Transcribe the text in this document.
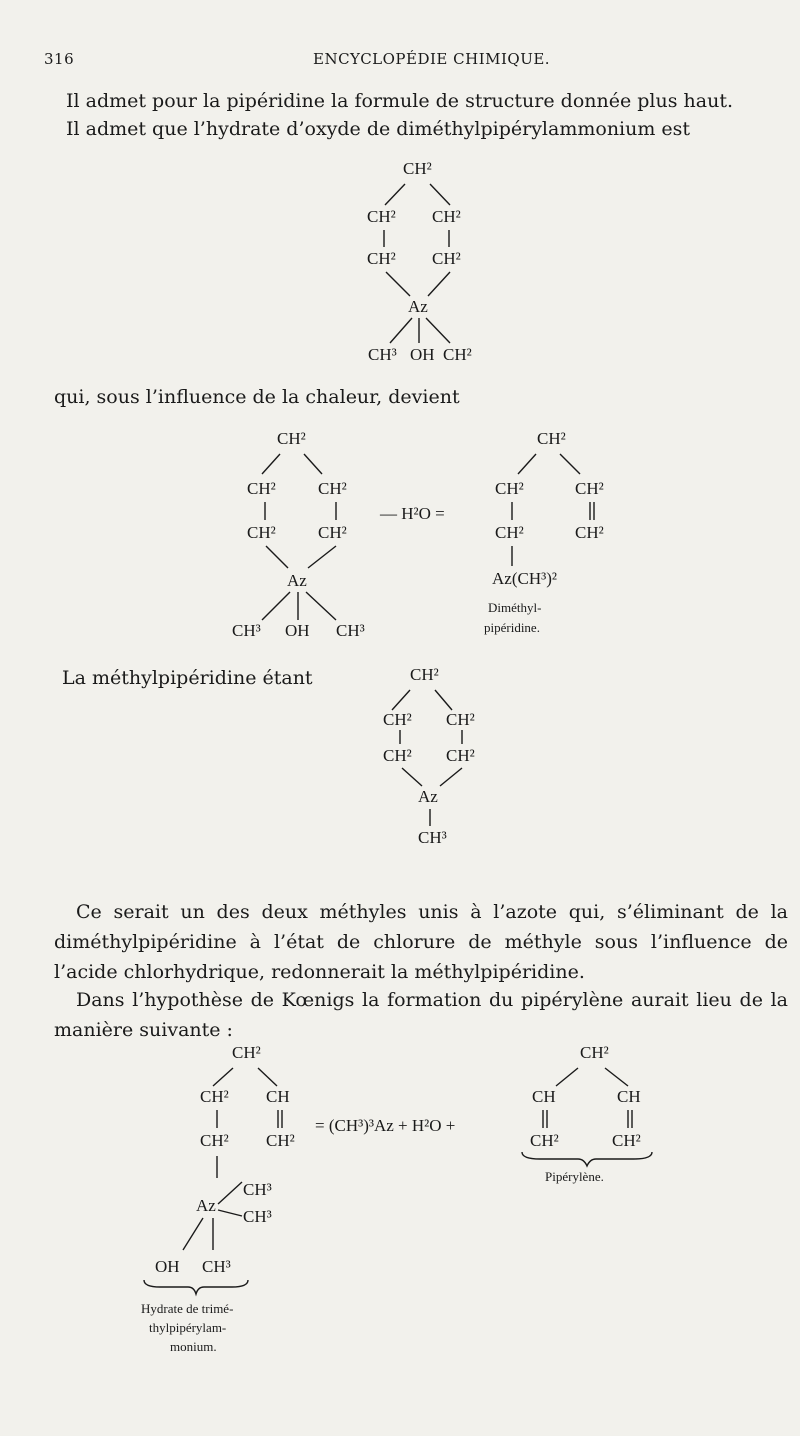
316	ENCYCLOPÉDIE CHIMIQUE.
Il admet pour la pipéridine la formule de structure donnée plus haut.
Il admet que l’hydrate d’oxyde de diméthylpipérylammonium est
qui, sous l’influence de la chaleur, devient
La méthylpipéridine étant
Ce serait un des deux méthyles unis à l’azote qui, s’éliminant de la diméthylpipéridine à l’état de chlorure de méthyle sous l’influence de l’acide chlorhydrique, redonnerait la méthylpipéridine.
Dans l’hypothèse de Kœnigs la formation du pipérylène aurait lieu de la manière suivante :
CH²
CH² CH²
CH² CH²
Az
CH³ OH CH²
CH²
CH² CH²
CH² CH²
Az
CH³ OH CH³
— H²O =
CH²
CH²	CH²
CH²	CH²
Az(CH³)²
Diméthyl-
pipéridine.
CH²
CH² CH²
CH² CH²
Az
CH³
CH²
CH² CH
CH² CH²
Az
CH³
CH³
OH CH³
Hydrate de trimé-
thylpipérylam-
monium.
= (CH³)³Az + H²O +
CH²
CH	CH
CH²	CH²
Pipérylène.
